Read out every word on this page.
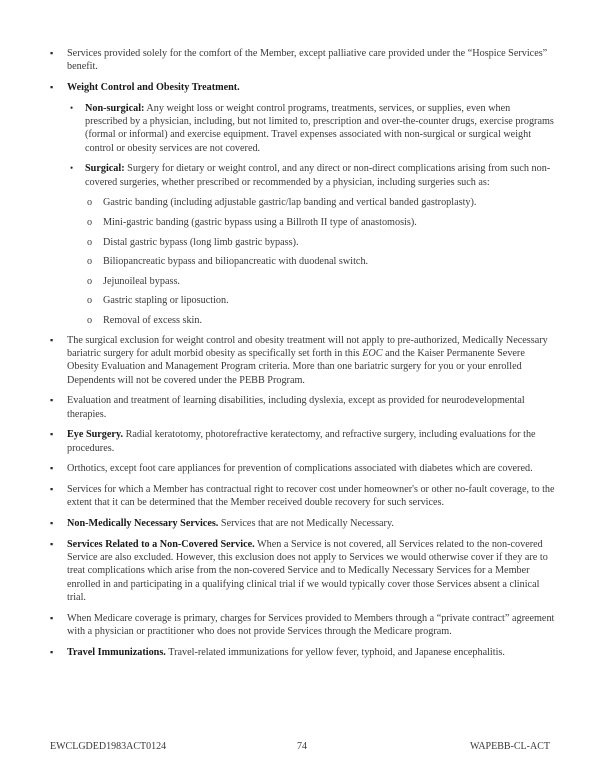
▪ Services provided solely for the comfort of the Member, except palliative care provided under the “Hospice Services” benefit.
▪ Weight Control and Obesity Treatment.
• Non-surgical: Any weight loss or weight control programs, treatments, services, or supplies, even when prescribed by a physician, including, but not limited to, prescription and over-the-counter drugs, exercise programs (formal or informal) and exercise equipment. Travel expenses associated with non-surgical or surgical weight control or obesity services are not covered.
• Surgical: Surgery for dietary or weight control, and any direct or non-direct complications arising from such non-covered surgeries, whether prescribed or recommended by a physician, including surgeries such as:
o Gastric banding (including adjustable gastric/lap banding and vertical banded gastroplasty).
o Mini-gastric banding (gastric bypass using a Billroth II type of anastomosis).
o Distal gastric bypass (long limb gastric bypass).
o Biliopancreatic bypass and biliopancreatic with duodenal switch.
o Jejunoileal bypass.
o Gastric stapling or liposuction.
o Removal of excess skin.
▪ The surgical exclusion for weight control and obesity treatment will not apply to pre-authorized, Medically Necessary bariatric surgery for adult morbid obesity as specifically set forth in this EOC and the Kaiser Permanente Severe Obesity Evaluation and Management Program criteria. More than one bariatric surgery for you or your enrolled Dependents will not be covered under the PEBB Program.
▪ Evaluation and treatment of learning disabilities, including dyslexia, except as provided for neurodevelopmental therapies.
▪ Eye Surgery. Radial keratotomy, photorefractive keratectomy, and refractive surgery, including evaluations for the procedures.
▪ Orthotics, except foot care appliances for prevention of complications associated with diabetes which are covered.
▪ Services for which a Member has contractual right to recover cost under homeowner's or other no-fault coverage, to the extent that it can be determined that the Member received double recovery for such services.
▪ Non-Medically Necessary Services. Services that are not Medically Necessary.
▪ Services Related to a Non-Covered Service. When a Service is not covered, all Services related to the non-covered Service are also excluded. However, this exclusion does not apply to Services we would otherwise cover if they are to treat complications which arise from the non-covered Service and to Medically Necessary Services for a Member enrolled in and participating in a qualifying clinical trial if we would typically cover those Services absent a clinical trial.
▪ When Medicare coverage is primary, charges for Services provided to Members through a “private contract” agreement with a physician or practitioner who does not provide Services through the Medicare program.
▪ Travel Immunizations. Travel-related immunizations for yellow fever, typhoid, and Japanese encephalitis.
EWCLGDED1983ACT0124	74	WAPEBB-CL-ACT
